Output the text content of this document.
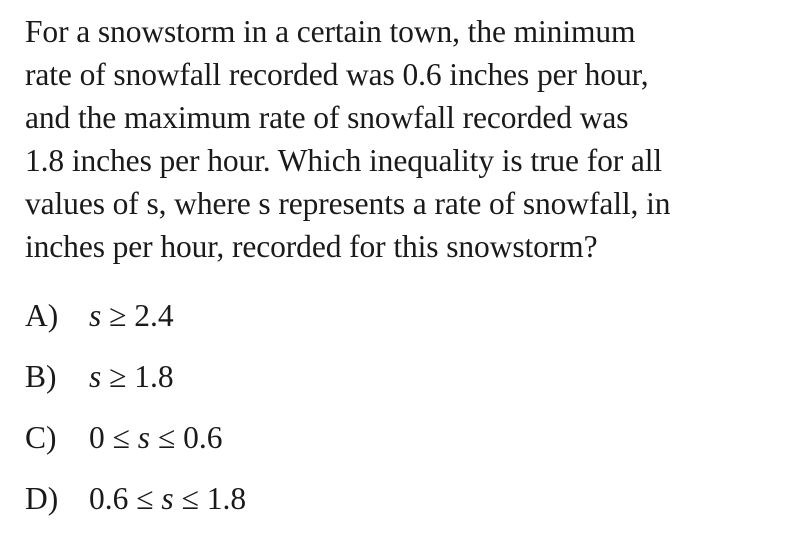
For a snowstorm in a certain town, the minimum
rate of snowfall recorded was 0.6 inches per hour,
and the maximum rate of snowfall recorded was
1.8 inches per hour. Which inequality is true for all
values of s, where s represents a rate of snowfall, in
inches per hour, recorded for this snowstorm?
A) s ≥ 2.4
B)	s ≥ 1.8
C)	0 ≤ s ≤ 0.6
D) 0.6 ≤ s ≤ 1.8
